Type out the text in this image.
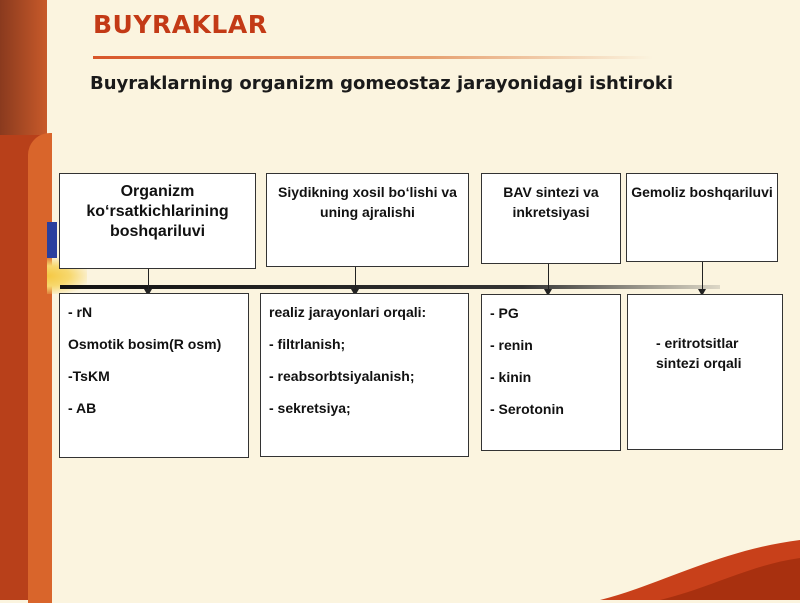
BUYRAKLAR
Buyraklarning organizm gomeostaz jarayonidagi ishtiroki
Organizm ko‘rsatkichlarining boshqariluvi
- rN
Osmotik bosim(R osm)
-TsKM
- AB
Siydikning xosil bo‘lishi va uning ajralishi
realiz jarayonlari orqali:
- filtrlanish;
- reabsorbtsiyalanish;
- sekretsiya;
BAV sintezi va inkretsiyasi
- PG
- renin
- kinin
- Serotonin
Gemoliz boshqariluvi
- eritrotsitlar sintezi orqali
